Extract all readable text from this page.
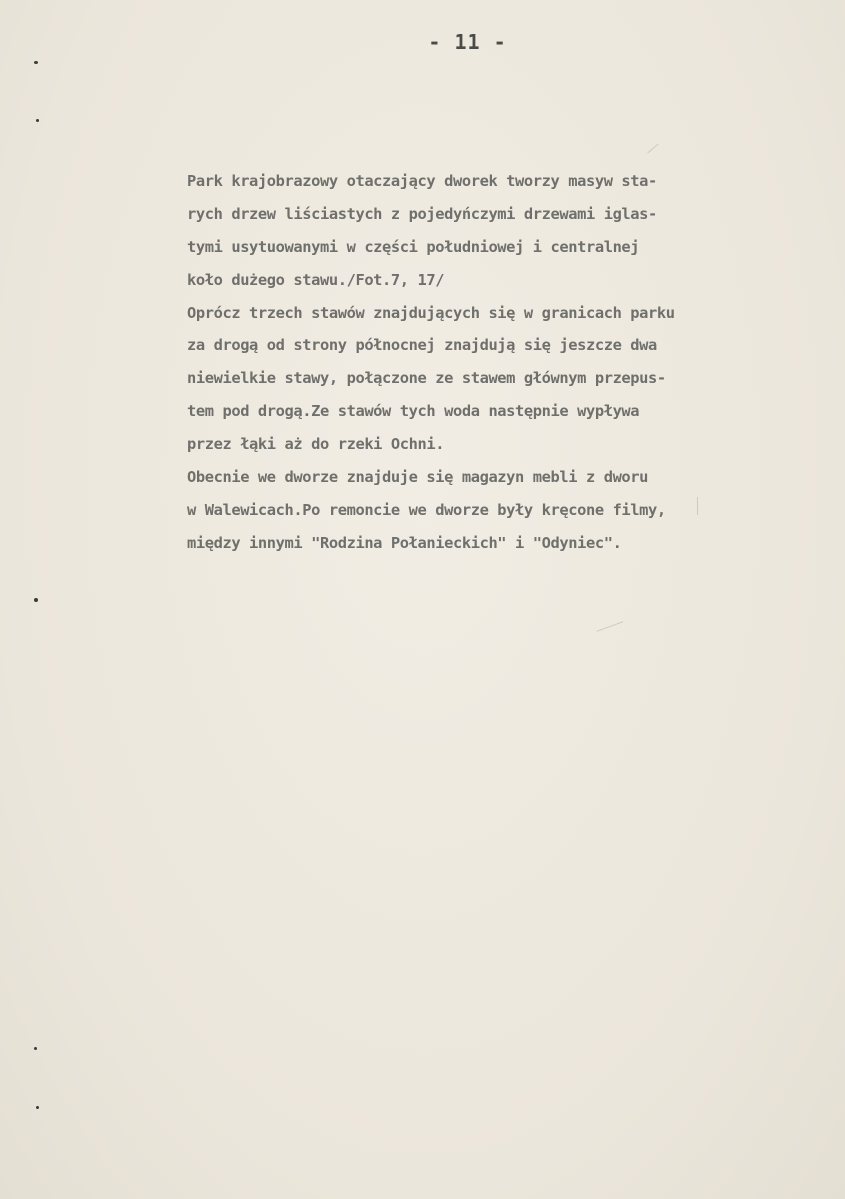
- 11 -
Park krajobrazowy otaczający dworek tworzy masyw sta-
rych drzew liściastych z pojedyńczymi drzewami iglas-
tymi usytuowanymi w części południowej i centralnej
koło dużego stawu./Fot.7, 17/
Oprócz trzech stawów znajdujących się w granicach parku
za drogą od strony północnej znajdują się jeszcze dwa
niewielkie stawy, połączone ze stawem głównym przepus-
tem pod drogą.Ze stawów tych woda następnie wypływa
przez łąki aż do rzeki Ochni.
Obecnie we dworze znajduje się magazyn mebli z dworu
w Walewicach.Po remoncie we dworze były kręcone filmy,
między innymi "Rodzina Połanieckich" i "Odyniec".
